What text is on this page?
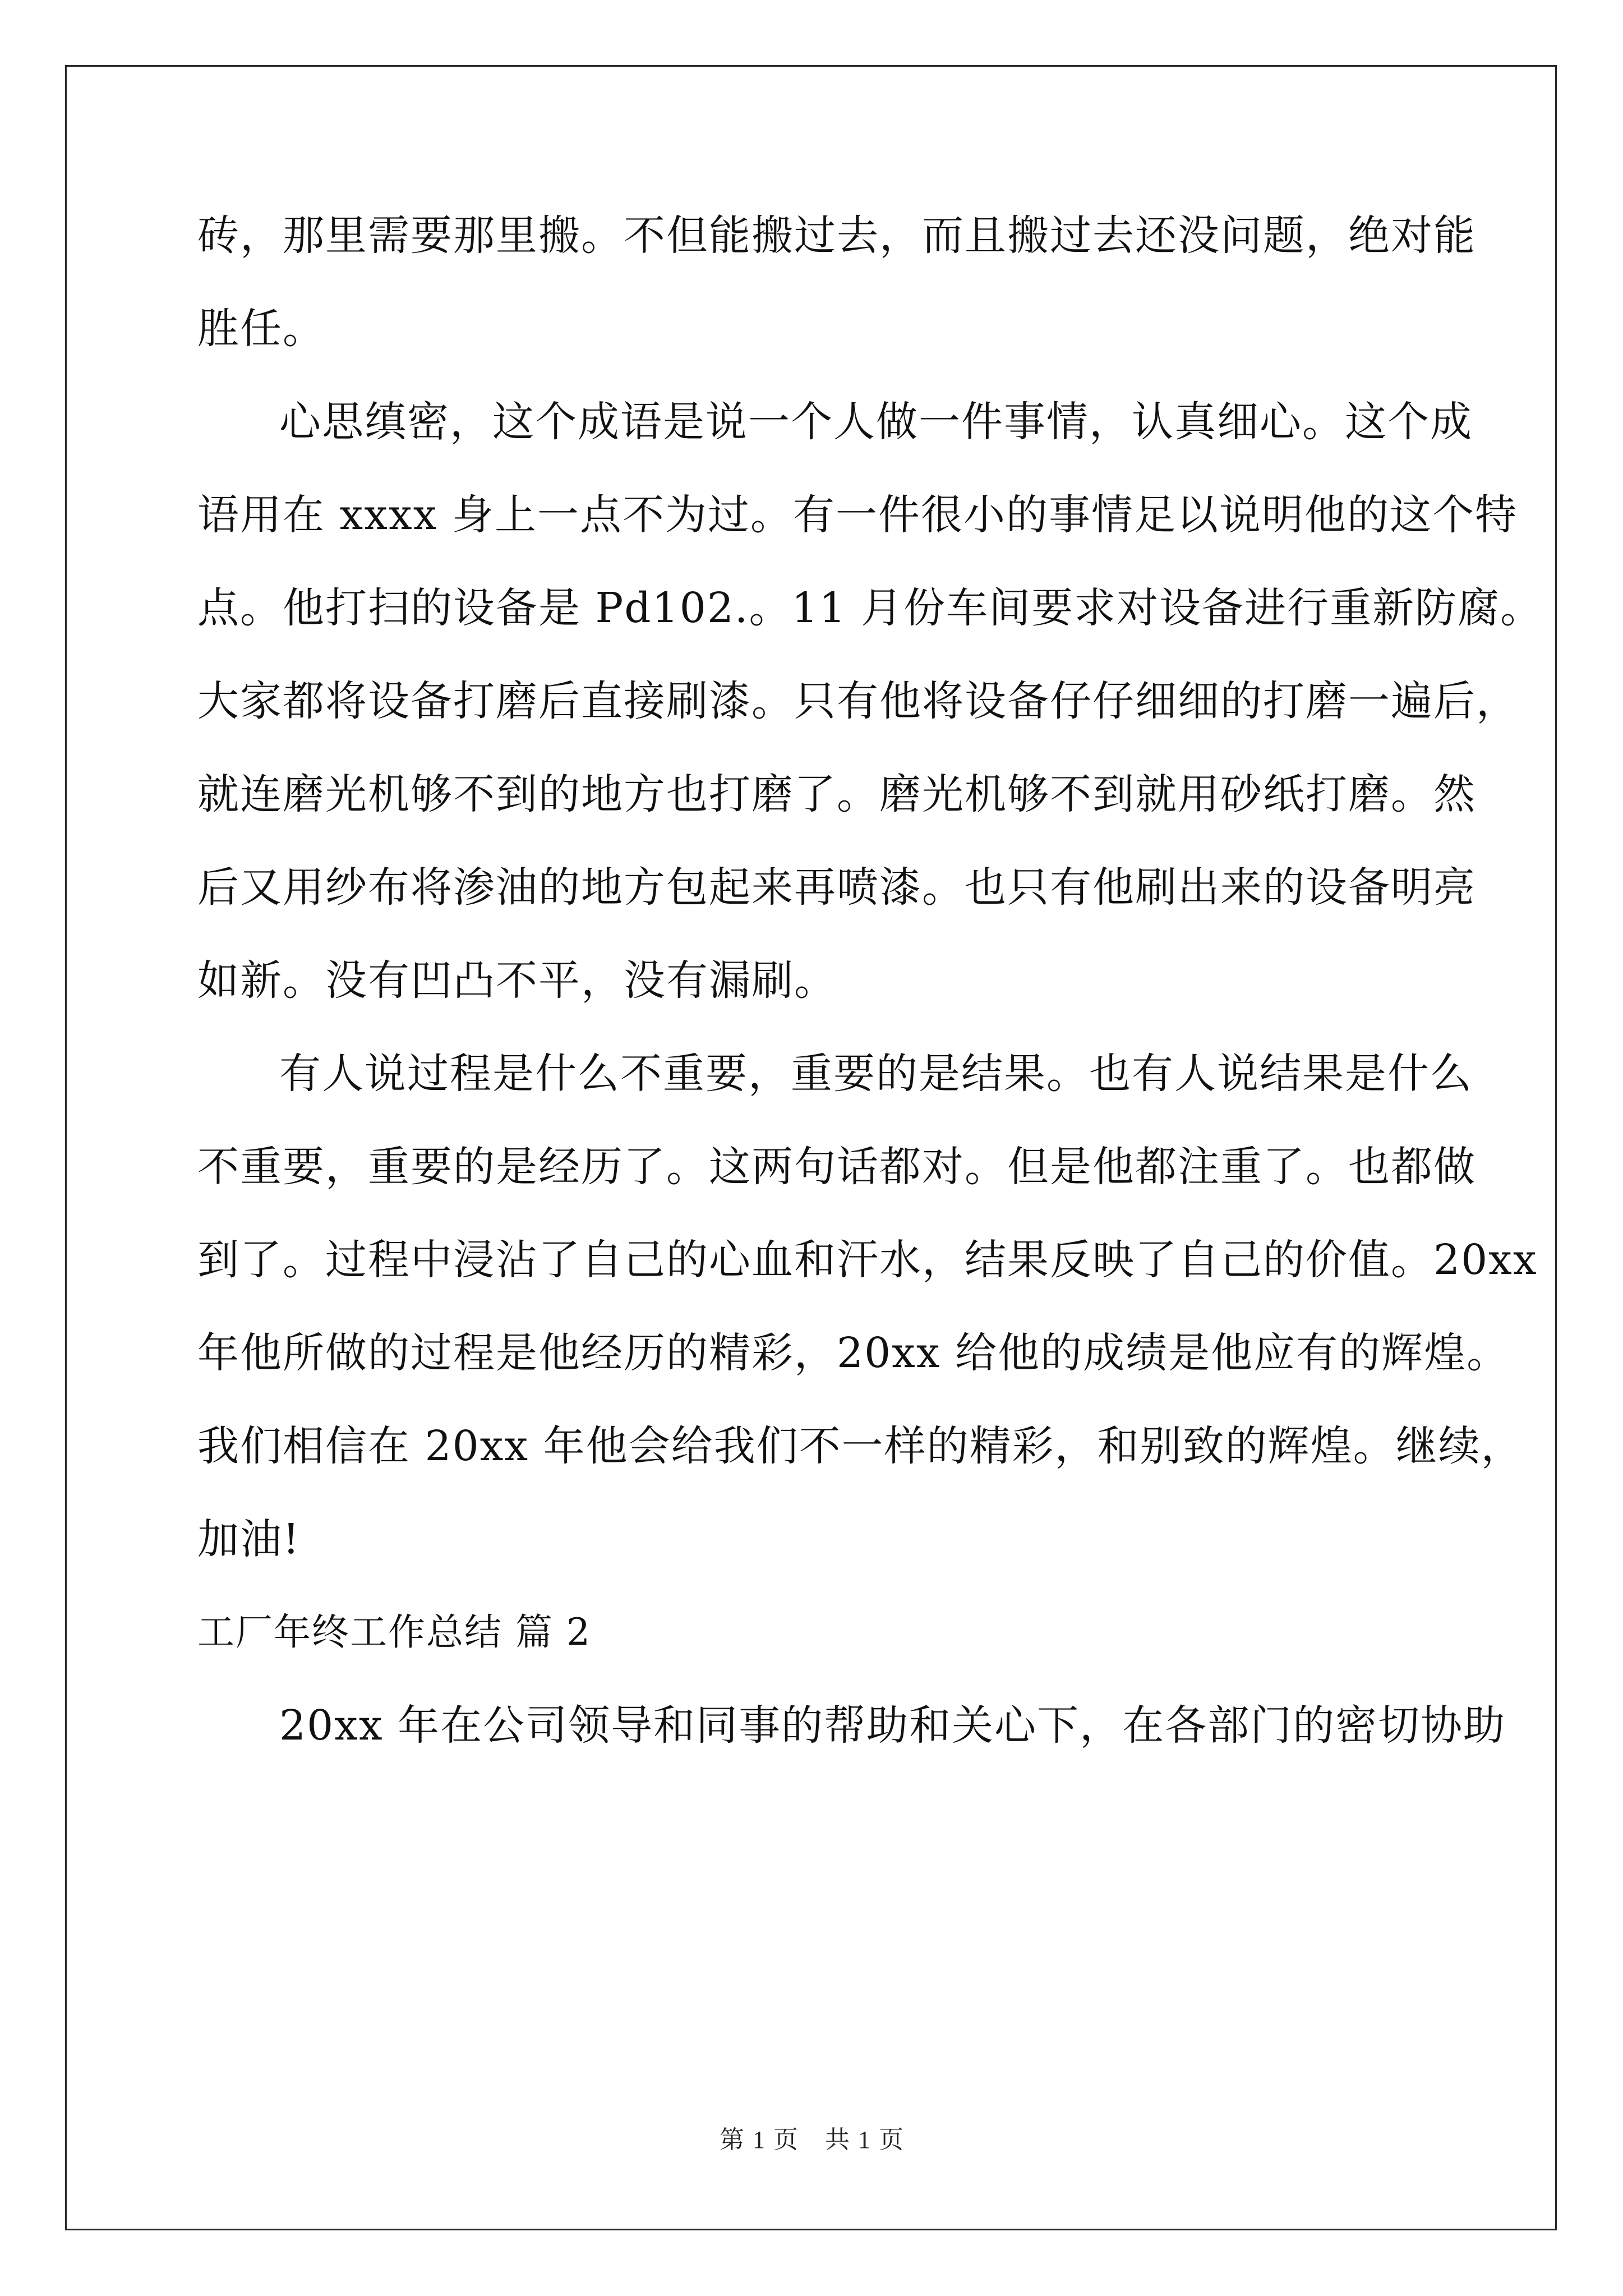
砖，那里需要那里搬。不但能搬过去，而且搬过去还没问题，绝对能
胜任。
心思缜密，这个成语是说一个人做一件事情，认真细心。这个成
语用在 xxxx 身上一点不为过。有一件很小的事情足以说明他的这个特
点。他打扫的设备是 Pd102.。11 月份车间要求对设备进行重新防腐。
大家都将设备打磨后直接刷漆。只有他将设备仔仔细细的打磨一遍后，
就连磨光机够不到的地方也打磨了。磨光机够不到就用砂纸打磨。然
后又用纱布将渗油的地方包起来再喷漆。也只有他刷出来的设备明亮
如新。没有凹凸不平，没有漏刷。
有人说过程是什么不重要，重要的是结果。也有人说结果是什么
不重要，重要的是经历了。这两句话都对。但是他都注重了。也都做
到了。过程中浸沾了自己的心血和汗水，结果反映了自己的价值。20xx
年他所做的过程是他经历的精彩，20xx 给他的成绩是他应有的辉煌。
我们相信在 20xx 年他会给我们不一样的精彩，和别致的辉煌。继续，
加油!
工厂年终工作总结 篇 2
20xx 年在公司领导和同事的帮助和关心下，在各部门的密切协助
第 1 页 共 1 页
